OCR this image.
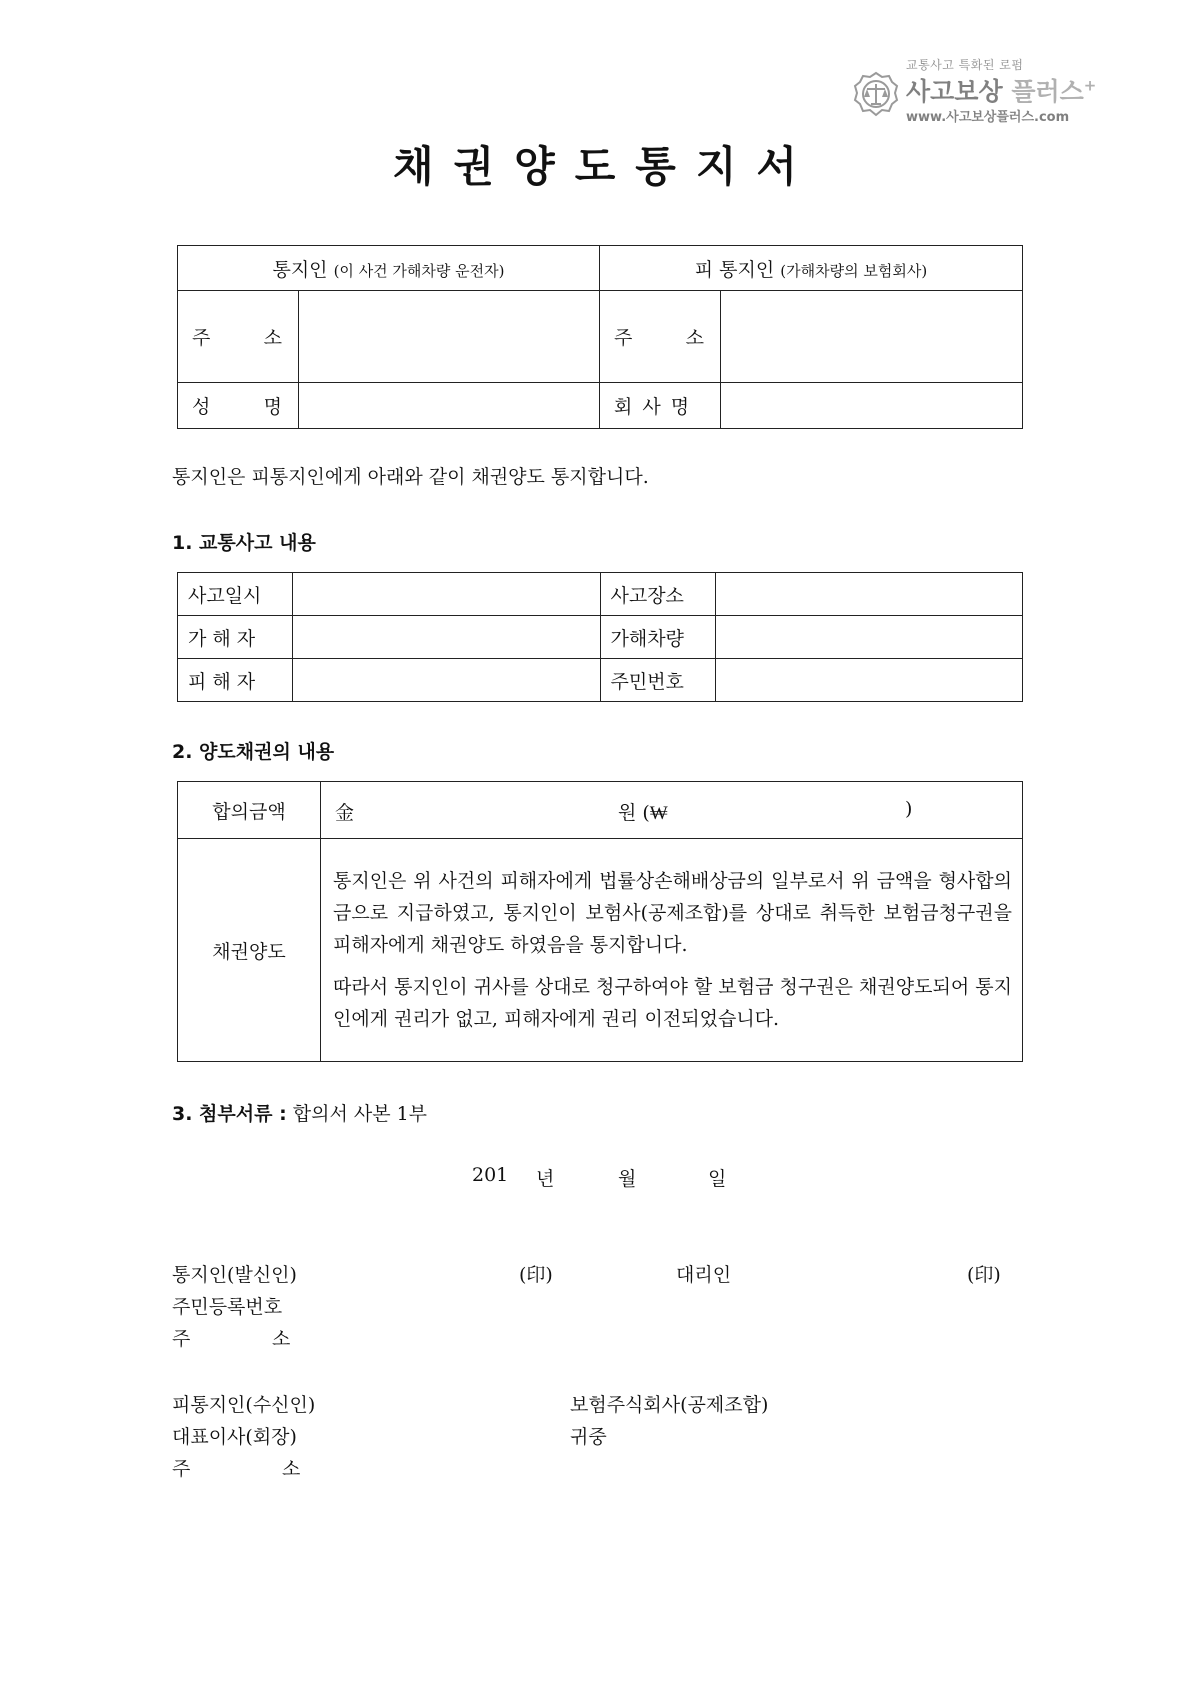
교통사고 특화된 로펌
사고보상 플러스+
www.사고보상플러스.com
채권양도통지서
통지인 (이 사건 가해차량 운전자)		피 통지인 (가해차량의 보험회사)	

주 소		주 소	

성 명		회 사 명	
통지인은 피통지인에게 아래와 같이 채권양도 통지합니다.
1. 교통사고 내용
사고일시		사고장소	
가 해 자		가해차량	
피 해 자		주민번호	
2. 양도채권의 내용
합의금액	金 원 (₩ )

채권양도	통지인은 위 사건의 피해자에게 법률상손해배상금의 일부로서 위 금액을 형사합의금으로 지급하였고, 통지인이 보험사(공제조합)를 상대로 취득한 보험금청구권을 피해자에게 채권양도 하였음을 통지합니다.

따라서 통지인이 귀사를 상대로 청구하여야 할 보험금 청구권은 채권양도되어 통지인에게 권리가 없고, 피해자에게 권리 이전되었습니다.

3. 첨부서류 : 합의서 사본 1부
201 년	월	일
통지인(발신인)	(印)	대리인	(印)
주민등록번호
주	소
피통지인(수신인)	보험주식회사(공제조합)
대표이사(회장)	귀중
주	소
